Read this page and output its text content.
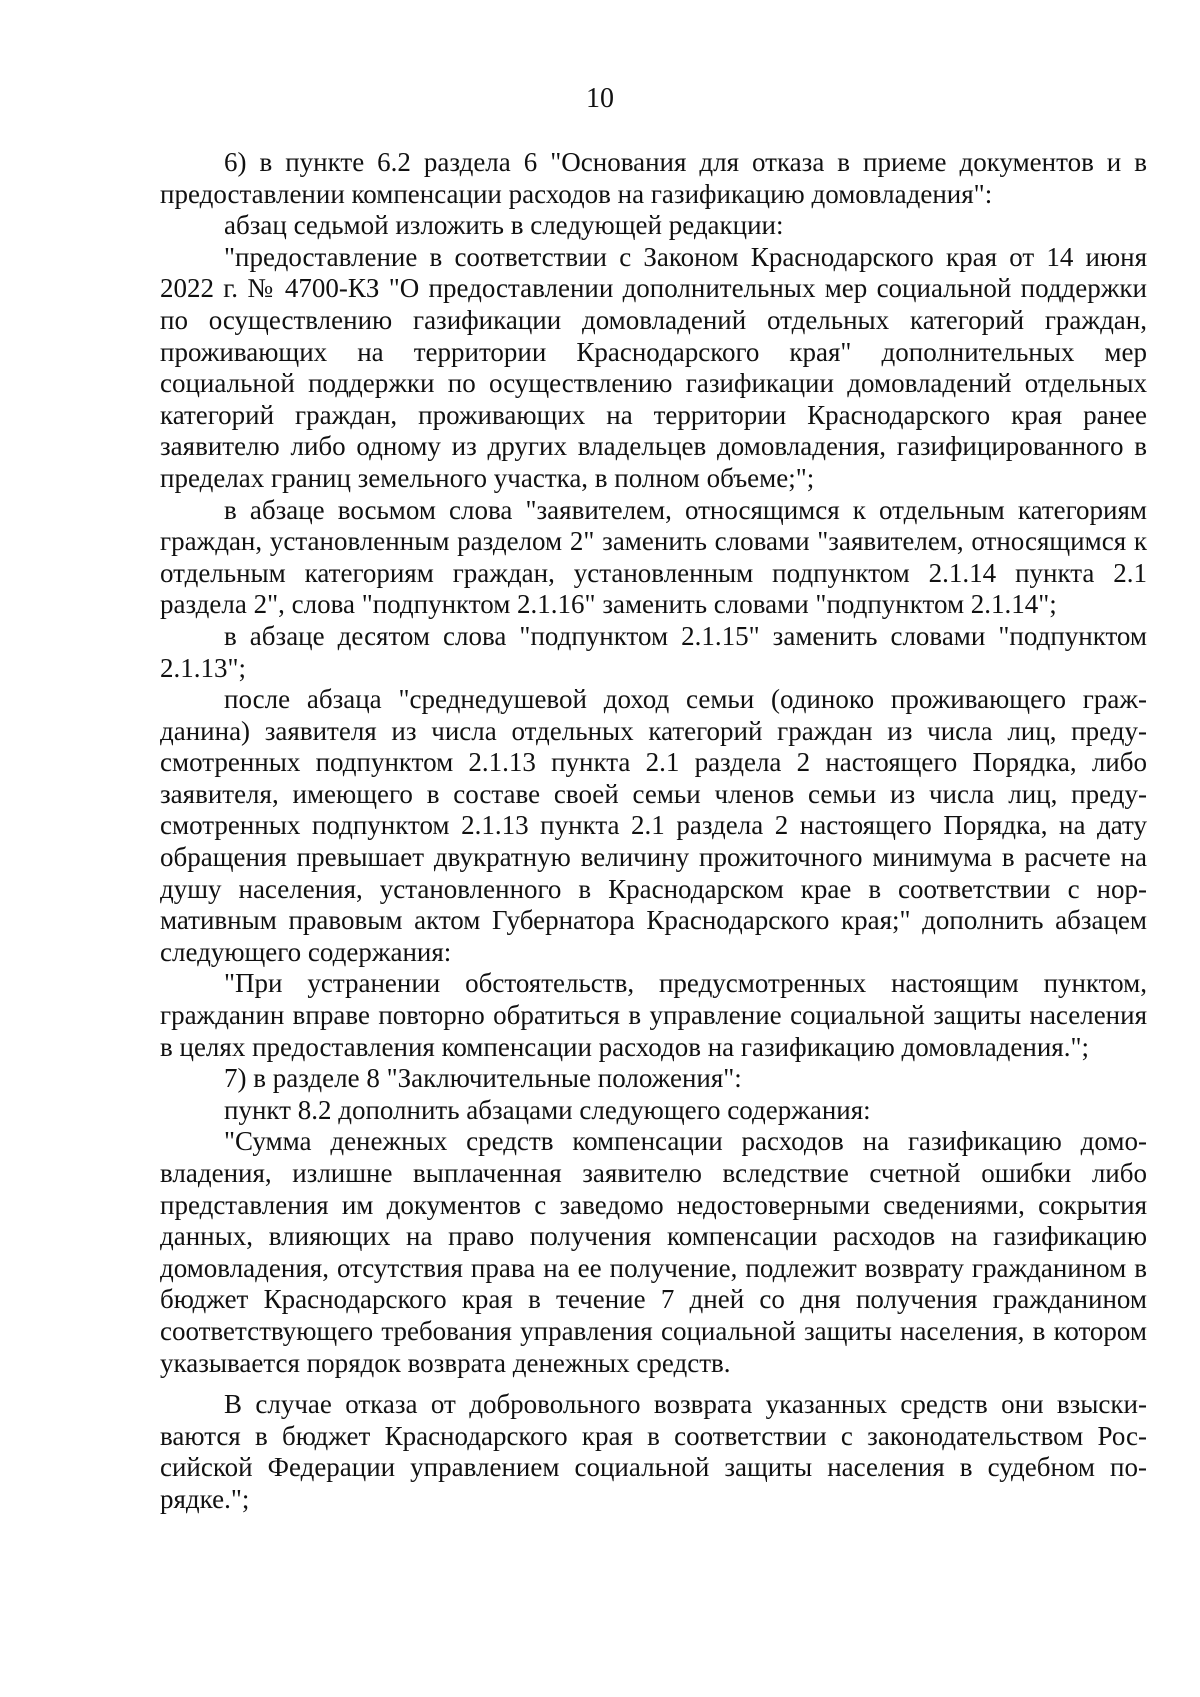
10

6) в пункте 6.2 раздела 6 "Основания для отказа в приеме документов и в предоставлении компенсации расходов на газификацию домовладения":

абзац седьмой изложить в следующей редакции:

"предоставление в соответствии с Законом Краснодарского края от 14 июня 2022 г. № 4700-КЗ "О предоставлении дополнительных мер социальной поддержки по осуществлению газификации домовладений отдельных категорий граждан, проживающих на территории Краснодарского края" дополнительных мер социальной поддержки по осуществлению газификации домовладений отдельных категорий граждан, проживающих на территории Краснодарского края ранее заявителю либо одному из других владельцев домовладения, газифицированного в пределах границ земельного участка, в полном объеме;";

в абзаце восьмом слова "заявителем, относящимся к отдельным категориям граждан, установленным разделом 2" заменить словами "заявителем, относящимся к отдельным категориям граждан, установленным подпунктом 2.1.14 пункта 2.1 раздела 2", слова "подпунктом 2.1.16" заменить словами "подпунктом 2.1.14";

в абзаце десятом слова "подпунктом 2.1.15" заменить словами "подпунктом 2.1.13";

после абзаца "среднедушевой доход семьи (одиноко проживающего гражданина) заявителя из числа отдельных категорий граждан из числа лиц, предусмотренных подпунктом 2.1.13 пункта 2.1 раздела 2 настоящего Порядка, либо заявителя, имеющего в составе своей семьи членов семьи из числа лиц, предусмотренных подпунктом 2.1.13 пункта 2.1 раздела 2 настоящего Порядка, на дату обращения превышает двукратную величину прожиточного минимума в расчете на душу населения, установленного в Краснодарском крае в соответствии с нормативным правовым актом Губернатора Краснодарского края;" дополнить абзацем следующего содержания:

"При устранении обстоятельств, предусмотренных настоящим пунктом, гражданин вправе повторно обратиться в управление социальной защиты населения в целях предоставления компенсации расходов на газификацию домовладения.";

7) в разделе 8 "Заключительные положения":

пункт 8.2 дополнить абзацами следующего содержания:

"Сумма денежных средств компенсации расходов на газификацию домовладения, излишне выплаченная заявителю вследствие счетной ошибки либо представления им документов с заведомо недостоверными сведениями, сокрытия данных, влияющих на право получения компенсации расходов на газификацию домовладения, отсутствия права на ее получение, подлежит возврату гражданином в бюджет Краснодарского края в течение 7 дней со дня получения гражданином соответствующего требования управления социальной защиты населения, в котором указывается порядок возврата денежных средств.

В случае отказа от добровольного возврата указанных средств они взыскиваются в бюджет Краснодарского края в соответствии с законодательством Российской Федерации управлением социальной защиты населения в судебном порядке.";
